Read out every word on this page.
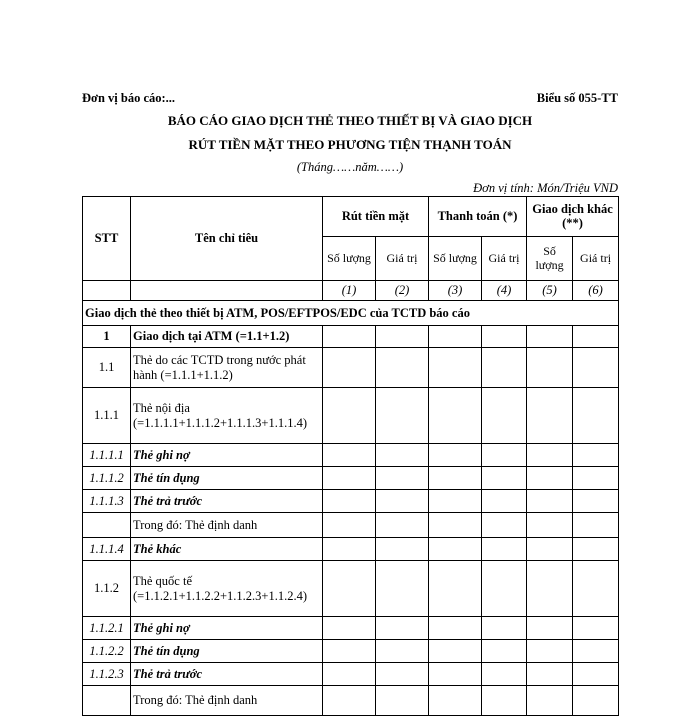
Đơn vị báo cáo:...	Biểu số 055-TT
BÁO CÁO GIAO DỊCH THẺ THEO THIẾT BỊ VÀ GIAO DỊCH
RÚT TIỀN MẶT THEO PHƯƠNG TIỆN THẠNH TOÁN
(Tháng……năm……)
Đơn vị tính: Món/Triệu VND
STT	Tên chỉ tiêu	Rút tiền mặt		Thanh toán (*)		Giao dịch khác (**)	
		Số lượng	Giá trị	Số lượng	Giá trị	Số lượng	Giá trị
		(1)	(2)	(3)	(4)	(5)	(6)
Giao dịch thẻ theo thiết bị ATM, POS/EFTPOS/EDC của TCTD báo cáo							
1	Giao dịch tại ATM (=1.1+1.2)						
1.1	Thẻ do các TCTD trong nước phát hành (=1.1.1+1.1.2)						
1.1.1	Thẻ nội địa (=1.1.1.1+1.1.1.2+1.1.1.3+1.1.1.4)						
1.1.1.1	Thẻ ghi nợ						
1.1.1.2	Thẻ tín dụng						
1.1.1.3	Thẻ trả trước						
	Trong đó: Thẻ định danh						
1.1.1.4	Thẻ khác						
1.1.2	Thẻ quốc tế (=1.1.2.1+1.1.2.2+1.1.2.3+1.1.2.4)						
1.1.2.1	Thẻ ghi nợ						
1.1.2.2	Thẻ tín dụng						
1.1.2.3	Thẻ trả trước						
	Trong đó: Thẻ định danh						
